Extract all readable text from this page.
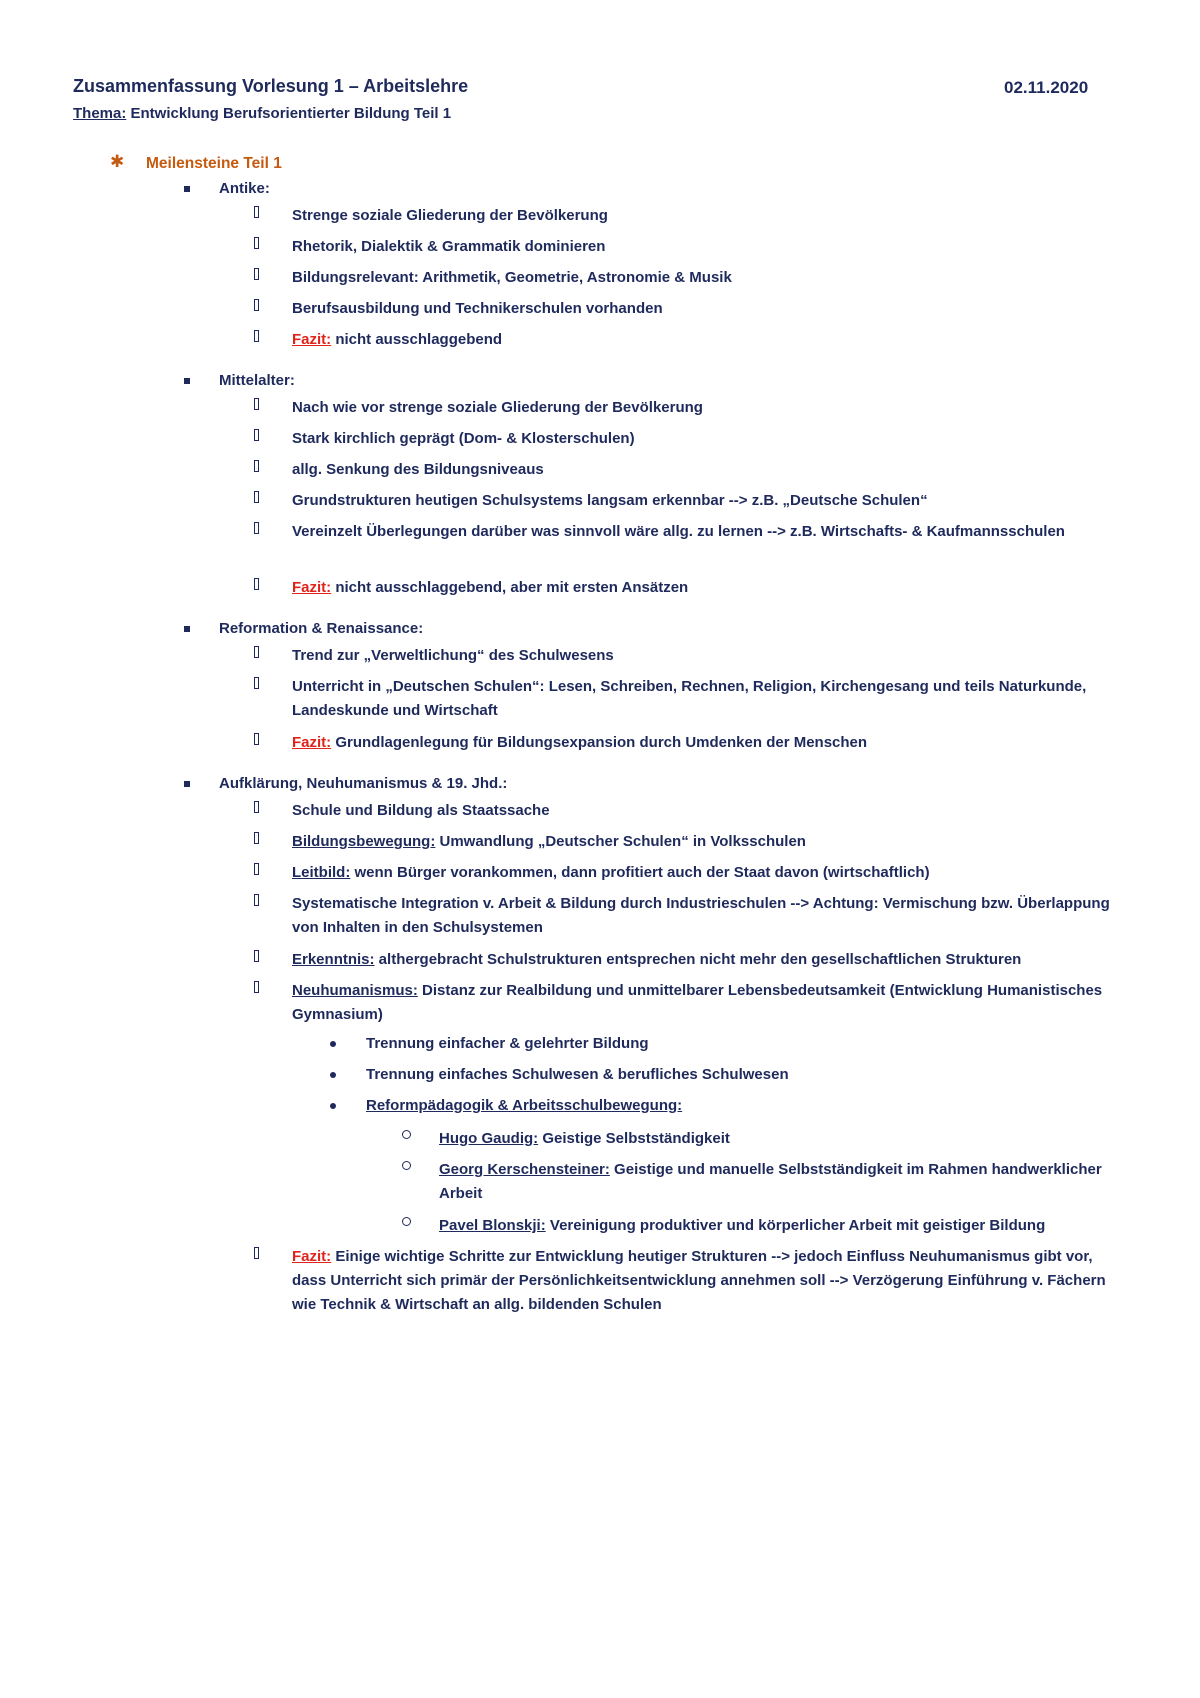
Zusammenfassung Vorlesung 1 – Arbeitslehre	02.11.2020
Thema: Entwicklung Berufsorientierter Bildung Teil 1
✱ Meilensteine Teil 1
Antike:
Strenge soziale Gliederung der Bevölkerung
Rhetorik, Dialektik & Grammatik dominieren
Bildungsrelevant: Arithmetik, Geometrie, Astronomie & Musik
Berufsausbildung und Technikerschulen vorhanden
Fazit: nicht ausschlaggebend
Mittelalter:
Nach wie vor strenge soziale Gliederung der Bevölkerung
Stark kirchlich geprägt (Dom- & Klosterschulen)
allg. Senkung des Bildungsniveaus
Grundstrukturen heutigen Schulsystems langsam erkennbar --> z.B. „Deutsche Schulen“
Vereinzelt Überlegungen darüber was sinnvoll wäre allg. zu lernen --> z.B. Wirtschafts- & Kaufmannsschulen
Fazit: nicht ausschlaggebend, aber mit ersten Ansätzen
Reformation & Renaissance:
Trend zur „Verweltlichung“ des Schulwesens
Unterricht in „Deutschen Schulen“: Lesen, Schreiben, Rechnen, Religion, Kirchengesang und teils Naturkunde, Landeskunde und Wirtschaft
Fazit: Grundlagenlegung für Bildungsexpansion durch Umdenken der Menschen
Aufklärung, Neuhumanismus & 19. Jhd.:
Schule und Bildung als Staatssache
Bildungsbewegung: Umwandlung „Deutscher Schulen“ in Volksschulen
Leitbild: wenn Bürger vorankommen, dann profitiert auch der Staat davon (wirtschaftlich)
Systematische Integration v. Arbeit & Bildung durch Industrieschulen --> Achtung: Vermischung bzw. Überlappung von Inhalten in den Schulsystemen
Erkenntnis: althergebracht Schulstrukturen entsprechen nicht mehr den gesellschaftlichen Strukturen
Neuhumanismus: Distanz zur Realbildung und unmittelbarer Lebensbedeutsamkeit (Entwicklung Humanistisches Gymnasium)
Trennung einfacher & gelehrter Bildung
Trennung einfaches Schulwesen & berufliches Schulwesen
Reformpädagogik & Arbeitsschulbewegung:
Hugo Gaudig: Geistige Selbstständigkeit
Georg Kerschensteiner: Geistige und manuelle Selbstständigkeit im Rahmen handwerklicher Arbeit
Pavel Blonskji: Vereinigung produktiver und körperlicher Arbeit mit geistiger Bildung
Fazit: Einige wichtige Schritte zur Entwicklung heutiger Strukturen --> jedoch Einfluss Neuhumanismus gibt vor, dass Unterricht sich primär der Persönlichkeitsentwicklung annehmen soll --> Verzögerung Einführung v. Fächern wie Technik & Wirtschaft an allg. bildenden Schulen
